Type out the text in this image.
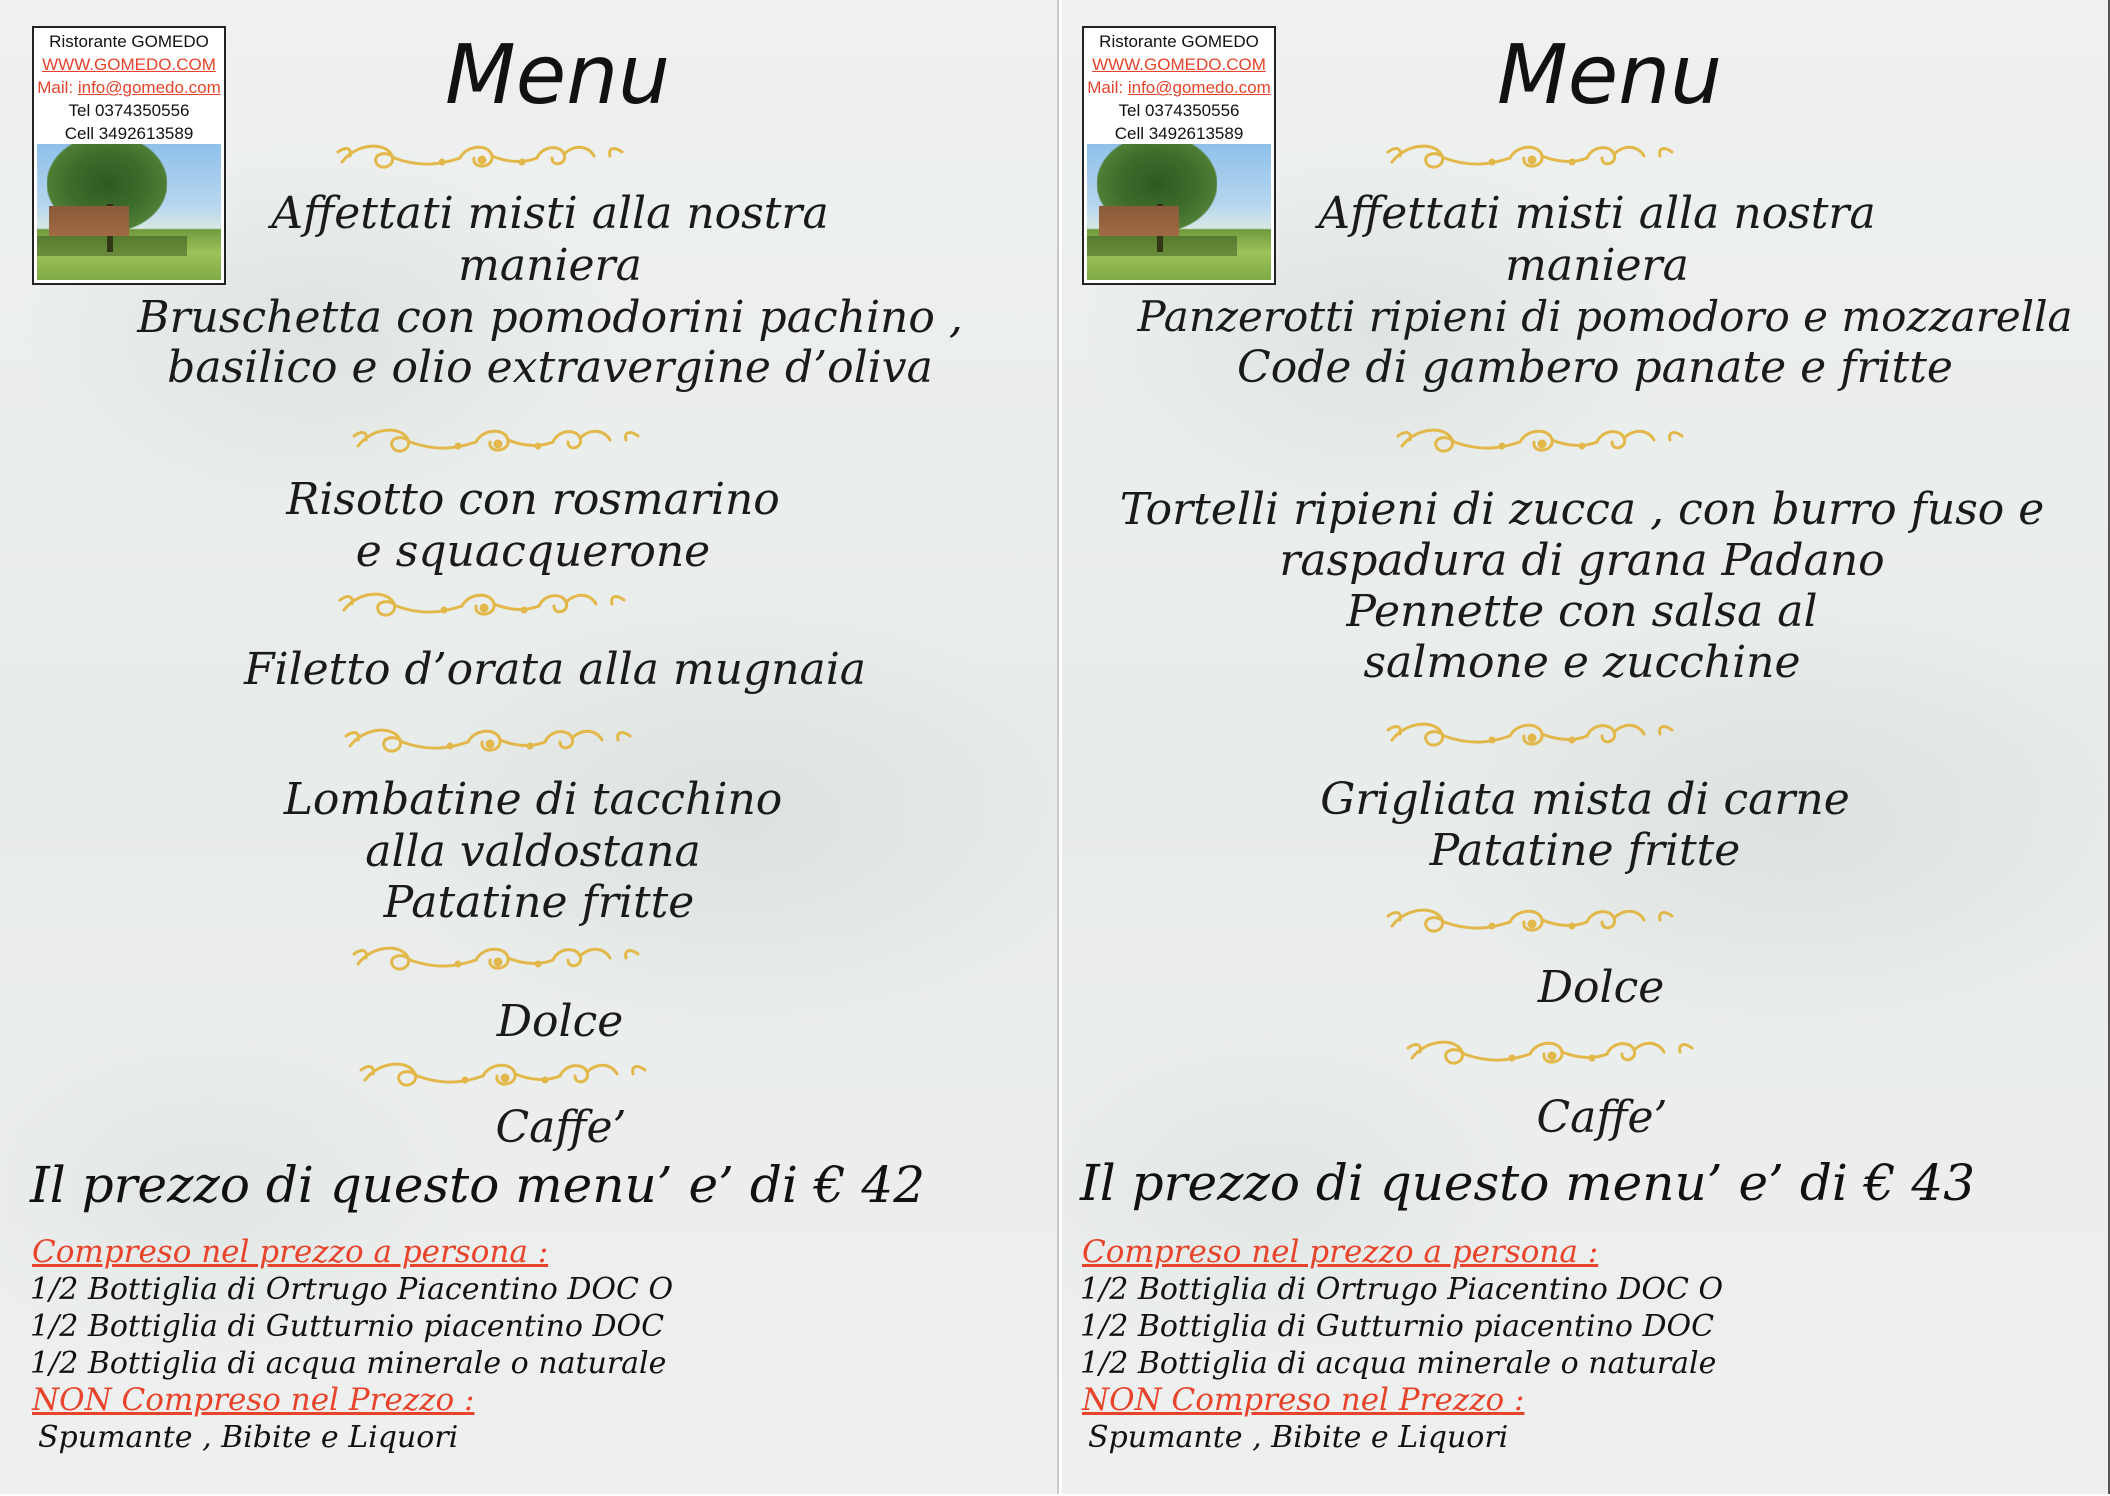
Ristorante GOMEDO
WWW.GOMEDO.COM
Mail: info@gomedo.com
Tel 0374350556
Cell 3492613589
Menu
Affettati misti alla nostra
maniera
Bruschetta con pomodorini pachino ,
basilico e olio extravergine d’oliva
Risotto con rosmarino
e squacquerone
Filetto d’orata alla mugnaia
Lombatine di tacchino
alla valdostana
Patatine fritte
Dolce
Caffe’
Il prezzo di questo menu’ e’ di € 42
Compreso nel prezzo a persona :
1/2 Bottiglia di Ortrugo Piacentino DOC O
1/2 Bottiglia di Gutturnio piacentino DOC
1/2 Bottiglia di acqua minerale o naturale
NON Compreso nel Prezzo :
Spumante , Bibite e Liquori
Ristorante GOMEDO
WWW.GOMEDO.COM
Mail: info@gomedo.com
Tel 0374350556
Cell 3492613589
Menu
Affettati misti alla nostra
maniera
Panzerotti ripieni di pomodoro e mozzarella
Code di gambero panate e fritte
Tortelli ripieni di zucca , con burro fuso e
raspadura di grana Padano
Pennette con salsa al
salmone e zucchine
Grigliata mista di carne
Patatine fritte
Dolce
Caffe’
Il prezzo di questo menu’ e’ di € 43
Compreso nel prezzo a persona :
1/2 Bottiglia di Ortrugo Piacentino DOC O
1/2 Bottiglia di Gutturnio piacentino DOC
1/2 Bottiglia di acqua minerale o naturale
NON Compreso nel Prezzo :
Spumante , Bibite e Liquori
